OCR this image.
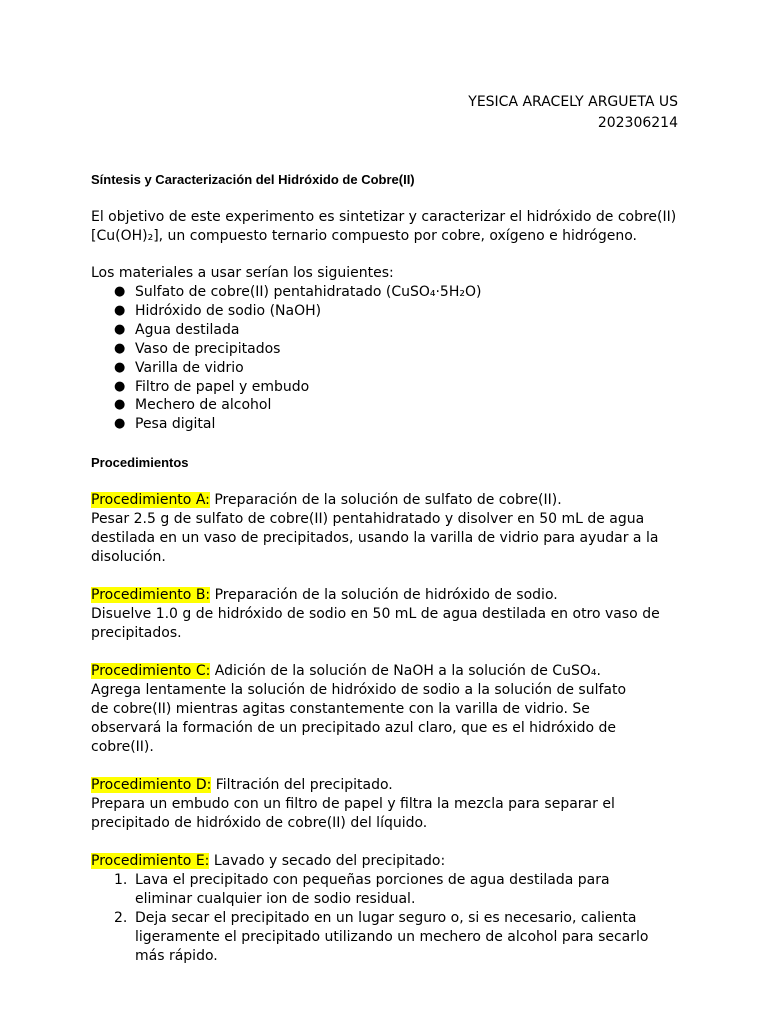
YESICA ARACELY ARGUETA US
202306214
Síntesis y Caracterización del Hidróxido de Cobre(II)
El objetivo de este experimento es sintetizar y caracterizar el hidróxido de cobre(II)
[Cu(OH)₂], un compuesto ternario compuesto por cobre, oxígeno e hidrógeno.
Los materiales a usar serían los siguientes:
● Sulfato de cobre(II) pentahidratado (CuSO₄·5H₂O)
● Hidróxido de sodio (NaOH)
● Agua destilada
● Vaso de precipitados
● Varilla de vidrio
● Filtro de papel y embudo
● Mechero de alcohol
● Pesa digital
Procedimientos
Procedimiento A: Preparación de la solución de sulfato de cobre(II).
Pesar 2.5 g de sulfato de cobre(II) pentahidratado y disolver en 50 mL de agua
destilada en un vaso de precipitados, usando la varilla de vidrio para ayudar a la
disolución.
Procedimiento B: Preparación de la solución de hidróxido de sodio.
Disuelve 1.0 g de hidróxido de sodio en 50 mL de agua destilada en otro vaso de
precipitados.
Procedimiento C: Adición de la solución de NaOH a la solución de CuSO₄.
Agrega lentamente la solución de hidróxido de sodio a la solución de sulfato
de cobre(II) mientras agitas constantemente con la varilla de vidrio. Se
observará la formación de un precipitado azul claro, que es el hidróxido de
cobre(II).
Procedimiento D: Filtración del precipitado.
Prepara un embudo con un filtro de papel y filtra la mezcla para separar el
precipitado de hidróxido de cobre(II) del líquido.
Procedimiento E: Lavado y secado del precipitado:
1. Lava el precipitado con pequeñas porciones de agua destilada para
eliminar cualquier ion de sodio residual.
2. Deja secar el precipitado en un lugar seguro o, si es necesario, calienta
ligeramente el precipitado utilizando un mechero de alcohol para secarlo
más rápido.
